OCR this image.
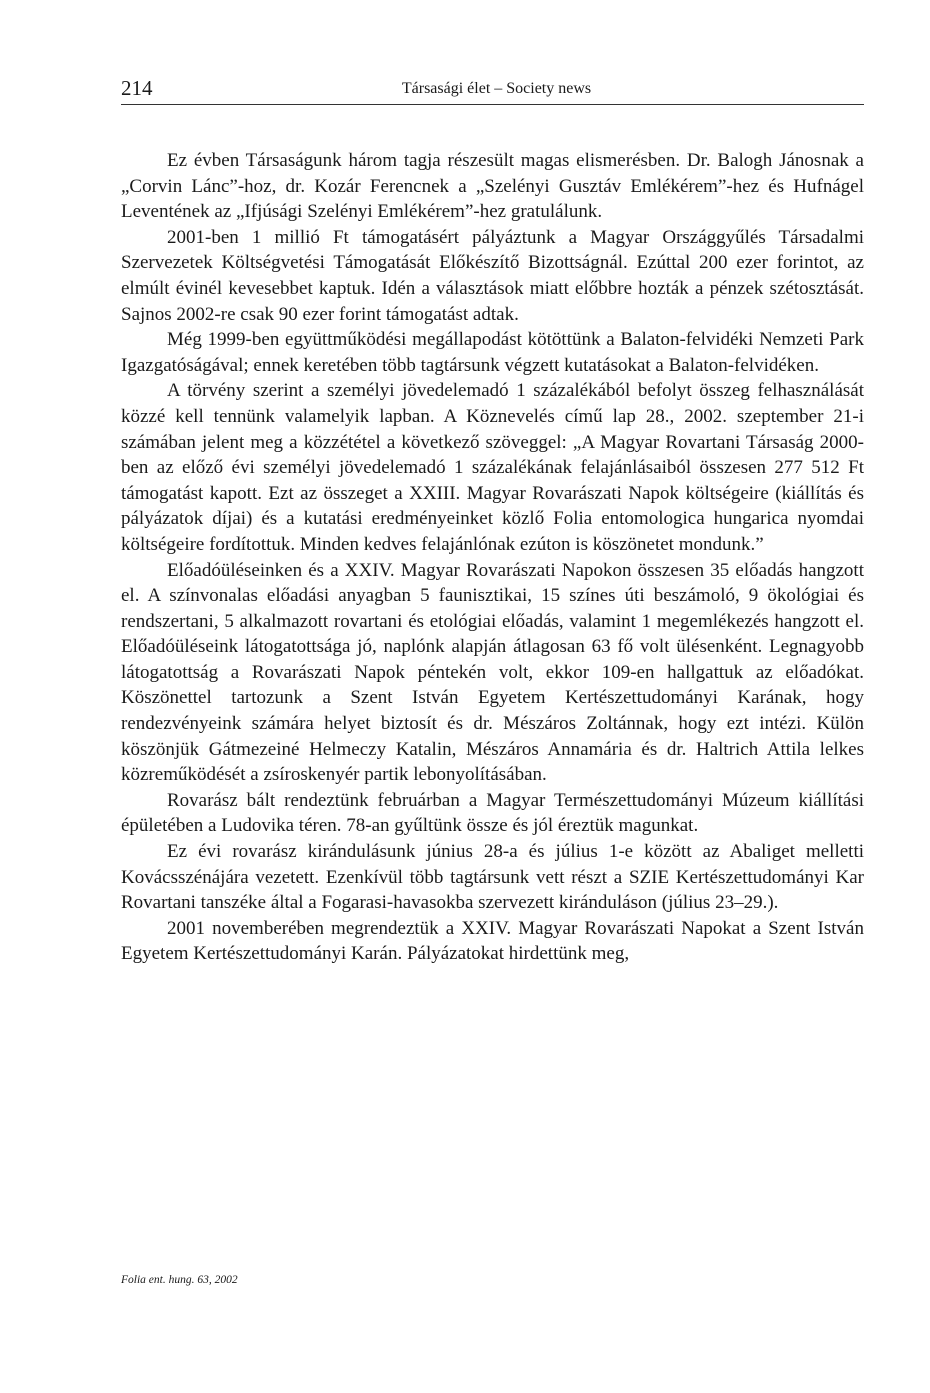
214	Társasági élet – Society news

Ez évben Társaságunk három tagja részesült magas elismerésben. Dr. Balogh Jánosnak a „Corvin Lánc”-hoz, dr. Kozár Ferencnek a „Szelényi Gusztáv Emlékérem”-hez és Hufnágel Leventének az „Ifjúsági Szelényi Emlékérem”-hez gratulálunk.

2001-ben 1 millió Ft támogatásért pályáztunk a Magyar Országgyűlés Társadalmi Szervezetek Költségvetési Támogatását Előkészítő Bizottságnál. Ezúttal 200 ezer forintot, az elmúlt évinél kevesebbet kaptuk. Idén a választások miatt előbbre hozták a pénzek szétosztását. Sajnos 2002-re csak 90 ezer forint támogatást adtak.

Még 1999-ben együttműködési megállapodást kötöttünk a Balaton-felvidéki Nemzeti Park Igazgatóságával; ennek keretében több tagtársunk végzett kutatásokat a Balaton-felvidéken.

A törvény szerint a személyi jövedelemadó 1 százalékából befolyt összeg felhasználását közzé kell tennünk valamelyik lapban. A Köznevelés című lap 28., 2002. szeptember 21-i számában jelent meg a közzététel a következő szöveggel: „A Magyar Rovartani Társaság 2000-ben az előző évi személyi jövedelemadó 1 százalékának felajánlásaiból összesen 277 512 Ft támogatást kapott. Ezt az összeget a XXIII. Magyar Rovarászati Napok költségeire (kiállítás és pályázatok díjai) és a kutatási eredményeinket közlő Folia entomologica hungarica nyomdai költségeire fordítottuk. Minden kedves felajánlónak ezúton is köszönetet mondunk.”

Előadóüléseinken és a XXIV. Magyar Rovarászati Napokon összesen 35 előadás hangzott el. A színvonalas előadási anyagban 5 faunisztikai, 15 színes úti beszámoló, 9 ökológiai és rendszertani, 5 alkalmazott rovartani és etológiai előadás, valamint 1 megemlékezés hangzott el. Előadóüléseink látogatottsága jó, naplónk alapján átlagosan 63 fő volt ülésenként. Legnagyobb látogatottság a Rovarászati Napok péntekén volt, ekkor 109-en hallgattuk az előadókat. Köszönettel tartozunk a Szent István Egyetem Kertészettudományi Karának, hogy rendezvényeink számára helyet biztosít és dr. Mészáros Zoltánnak, hogy ezt intézi. Külön köszönjük Gátmezeiné Helmeczy Katalin, Mészáros Annamária és dr. Haltrich Attila lelkes közreműködését a zsíroskenyér partik lebonyolításában.

Rovarász bált rendeztünk februárban a Magyar Természettudományi Múzeum kiállítási épületében a Ludovika téren. 78-an gyűltünk össze és jól éreztük magunkat.

Ez évi rovarász kirándulásunk június 28-a és július 1-e között az Abaliget melletti Kovácsszénájára vezetett. Ezenkívül több tagtársunk vett részt a SZIE Kertészettudományi Kar Rovartani tanszéke által a Fogarasi-havasokba szervezett kiránduláson (július 23–29.).

2001 novemberében megrendeztük a XXIV. Magyar Rovarászati Napokat a Szent István Egyetem Kertészettudományi Karán. Pályázatokat hirdettünk meg,

Folia ent. hung. 63, 2002
